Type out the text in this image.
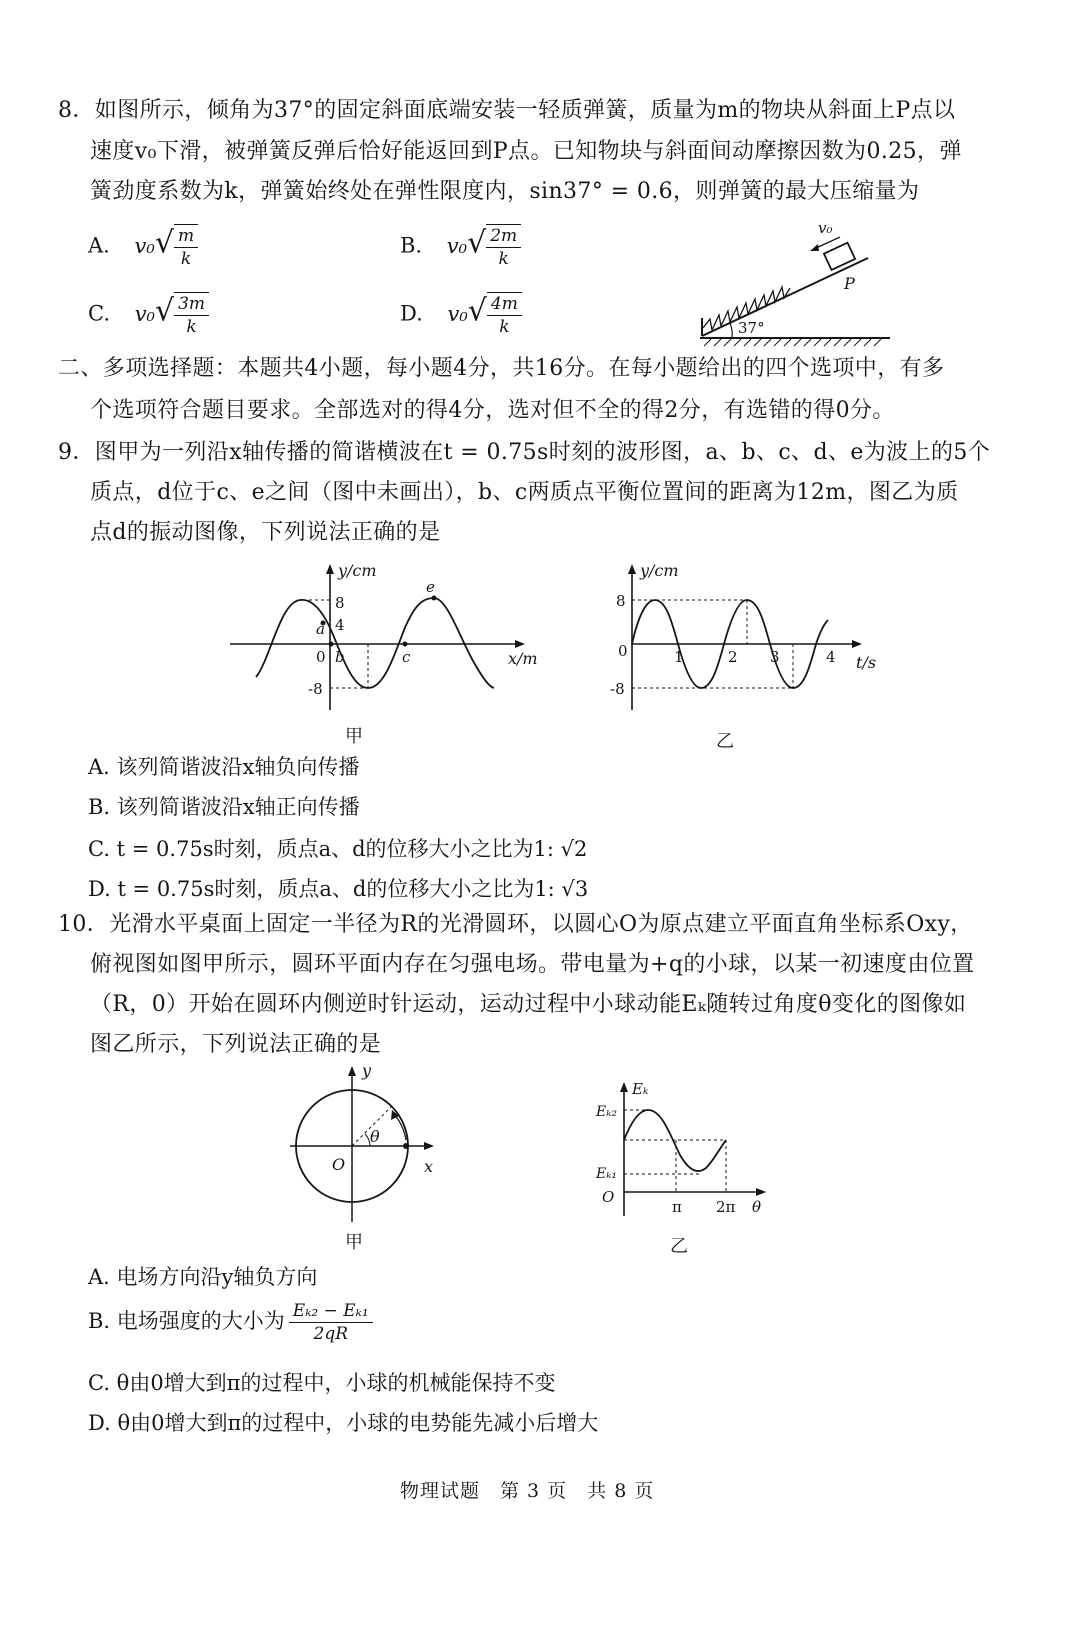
8．如图所示，倾角为37°的固定斜面底端安装一轻质弹簧，质量为m的物块从斜面上P点以
速度v₀下滑，被弹簧反弹后恰好能返回到P点。已知物块与斜面间动摩擦因数为0.25，弹
簧劲度系数为k，弹簧始终处在弹性限度内，sin37° = 0.6，则弹簧的最大压缩量为
A. $v_0√ \frac{m}{k}$	B. $v_0√ \frac{2m}{k}$
C. $v_0√ \frac{3m}{k}$	D. $v_0√ \frac{4m}{k}$
v₀
P
37°
二、多项选择题：本题共4小题，每小题4分，共16分。在每小题给出的四个选项中，有多
个选项符合题目要求。全部选对的得4分，选对但不全的得2分，有选错的得0分。
9．图甲为一列沿x轴传播的简谐横波在t = 0.75s时刻的波形图，a、b、c、d、e为波上的5个
质点，d位于c、e之间（图中未画出），b、c两质点平衡位置间的距离为12m，图乙为质
点d的振动图像，下列说法正确的是
y/cm
x/m
8
4
0
-8
a
b	c
e
甲
y/cm
t/s
8
0
-8
1	2 3	4
乙
A. 该列简谐波沿x轴负向传播
B. 该列简谐波沿x轴正向传播
C. t = 0.75s时刻，质点a、d的位移大小之比为1: √2
D. t = 0.75s时刻，质点a、d的位移大小之比为1: √3
10．光滑水平桌面上固定一半径为R的光滑圆环，以圆心O为原点建立平面直角坐标系Oxy，
俯视图如图甲所示，圆环平面内存在匀强电场。带电量为+q的小球，以某一初速度由位置
（R，0）开始在圆环内侧逆时针运动，运动过程中小球动能Eₖ随转过角度θ变化的图像如
图乙所示，下列说法正确的是
y
x
O
θ
甲
Eₖ
Eₖ₂
Eₖ₁
O
π 2π θ
乙
A. 电场方向沿y轴负方向
B. 电场强度的大小为 $\frac{\text{Eₖ₂ − Eₖ₁}}{2qR}$
C. θ由0增大到π的过程中，小球的机械能保持不变
D. θ由0增大到π的过程中，小球的电势能先减小后增大
物理试题　第 3 页　共 8 页
